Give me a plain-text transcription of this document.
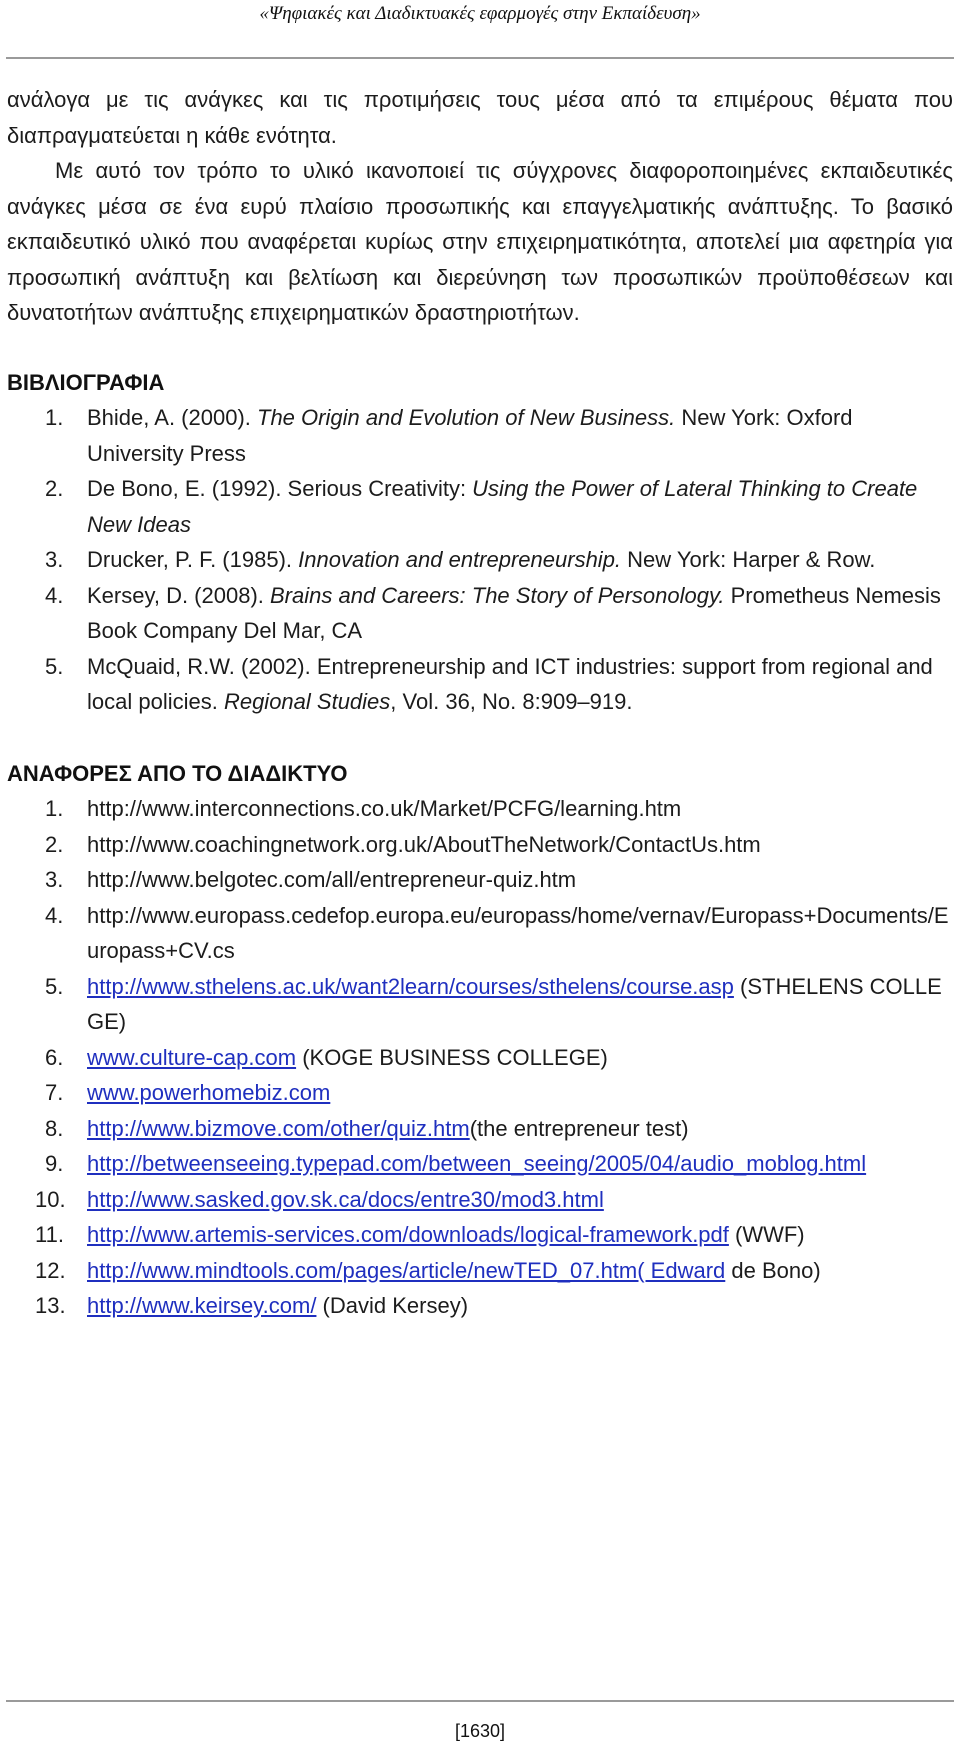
«Ψηφιακές και Διαδικτυακές εφαρμογές στην Εκπαίδευση»

ανάλογα με τις ανάγκες και τις προτιμήσεις τους μέσα από τα επιμέρους θέματα που διαπραγματεύεται η κάθε ενότητα.

Με αυτό τον τρόπο το υλικό ικανοποιεί τις σύγχρονες διαφοροποιημένες εκπαιδευτικές ανάγκες μέσα σε ένα ευρύ πλαίσιο προσωπικής και επαγγελματικής ανάπτυξης. Το βασικό εκπαιδευτικό υλικό που αναφέρεται κυρίως στην επιχειρηματικότητα, αποτελεί μια αφετηρία για προσωπική ανάπτυξη και βελτίωση και διερεύνηση των προσωπικών προϋποθέσεων και δυνατοτήτων ανάπτυξης επιχειρηματικών δραστηριοτήτων.

ΒΙΒΛΙΟΓΡΑΦΙΑ
1.	Bhide, A. (2000). The Origin and Evolution of New Business. New York: Oxford University Press
2.	De Bono, E. (1992). Serious Creativity: Using the Power of Lateral Thinking to Create New Ideas
3.	Drucker, P. F. (1985). Innovation and entrepreneurship. New York: Harper & Row.
4.	Kersey, D. (2008). Brains and Careers: The Story of Personology. Prometheus Nemesis Book Company Del Mar, CA
5.	McQuaid, R.W. (2002). Entrepreneurship and ICT industries: support from regional and local policies. Regional Studies, Vol. 36, No. 8:909–919.
ΑΝΑΦΟΡΕΣ ΑΠΟ ΤΟ ΔΙΑΔΙΚΤΥΟ
1.	http://www.interconnections.co.uk/Market/PCFG/learning.htm
2.	http://www.coachingnetwork.org.uk/AboutTheNetwork/ContactUs.htm
3.	http://www.belgotec.com/all/entrepreneur-quiz.htm
4.	http://www.europass.cedefop.europa.eu/europass/home/vernav/Europass+Documents/Europass+CV.cs
5.	http://www.sthelens.ac.uk/want2learn/courses/sthelens/course.asp (STHELENS COLLEGE)
6.	www.culture-cap.com (KOGE BUSINESS COLLEGE)
7.	www.powerhomebiz.com
8.	http://www.bizmove.com/other/quiz.htm(the entrepreneur test)
9.	http://betweenseeing.typepad.com/between_seeing/2005/04/audio_moblog.html
10. http://www.sasked.gov.sk.ca/docs/entre30/mod3.html
11.	http://www.artemis-services.com/downloads/logical-framework.pdf (WWF)
12. http://www.mindtools.com/pages/article/newTED_07.htm( Edward de Bono)
13. http://www.keirsey.com/ (David Kersey)
[1630]
